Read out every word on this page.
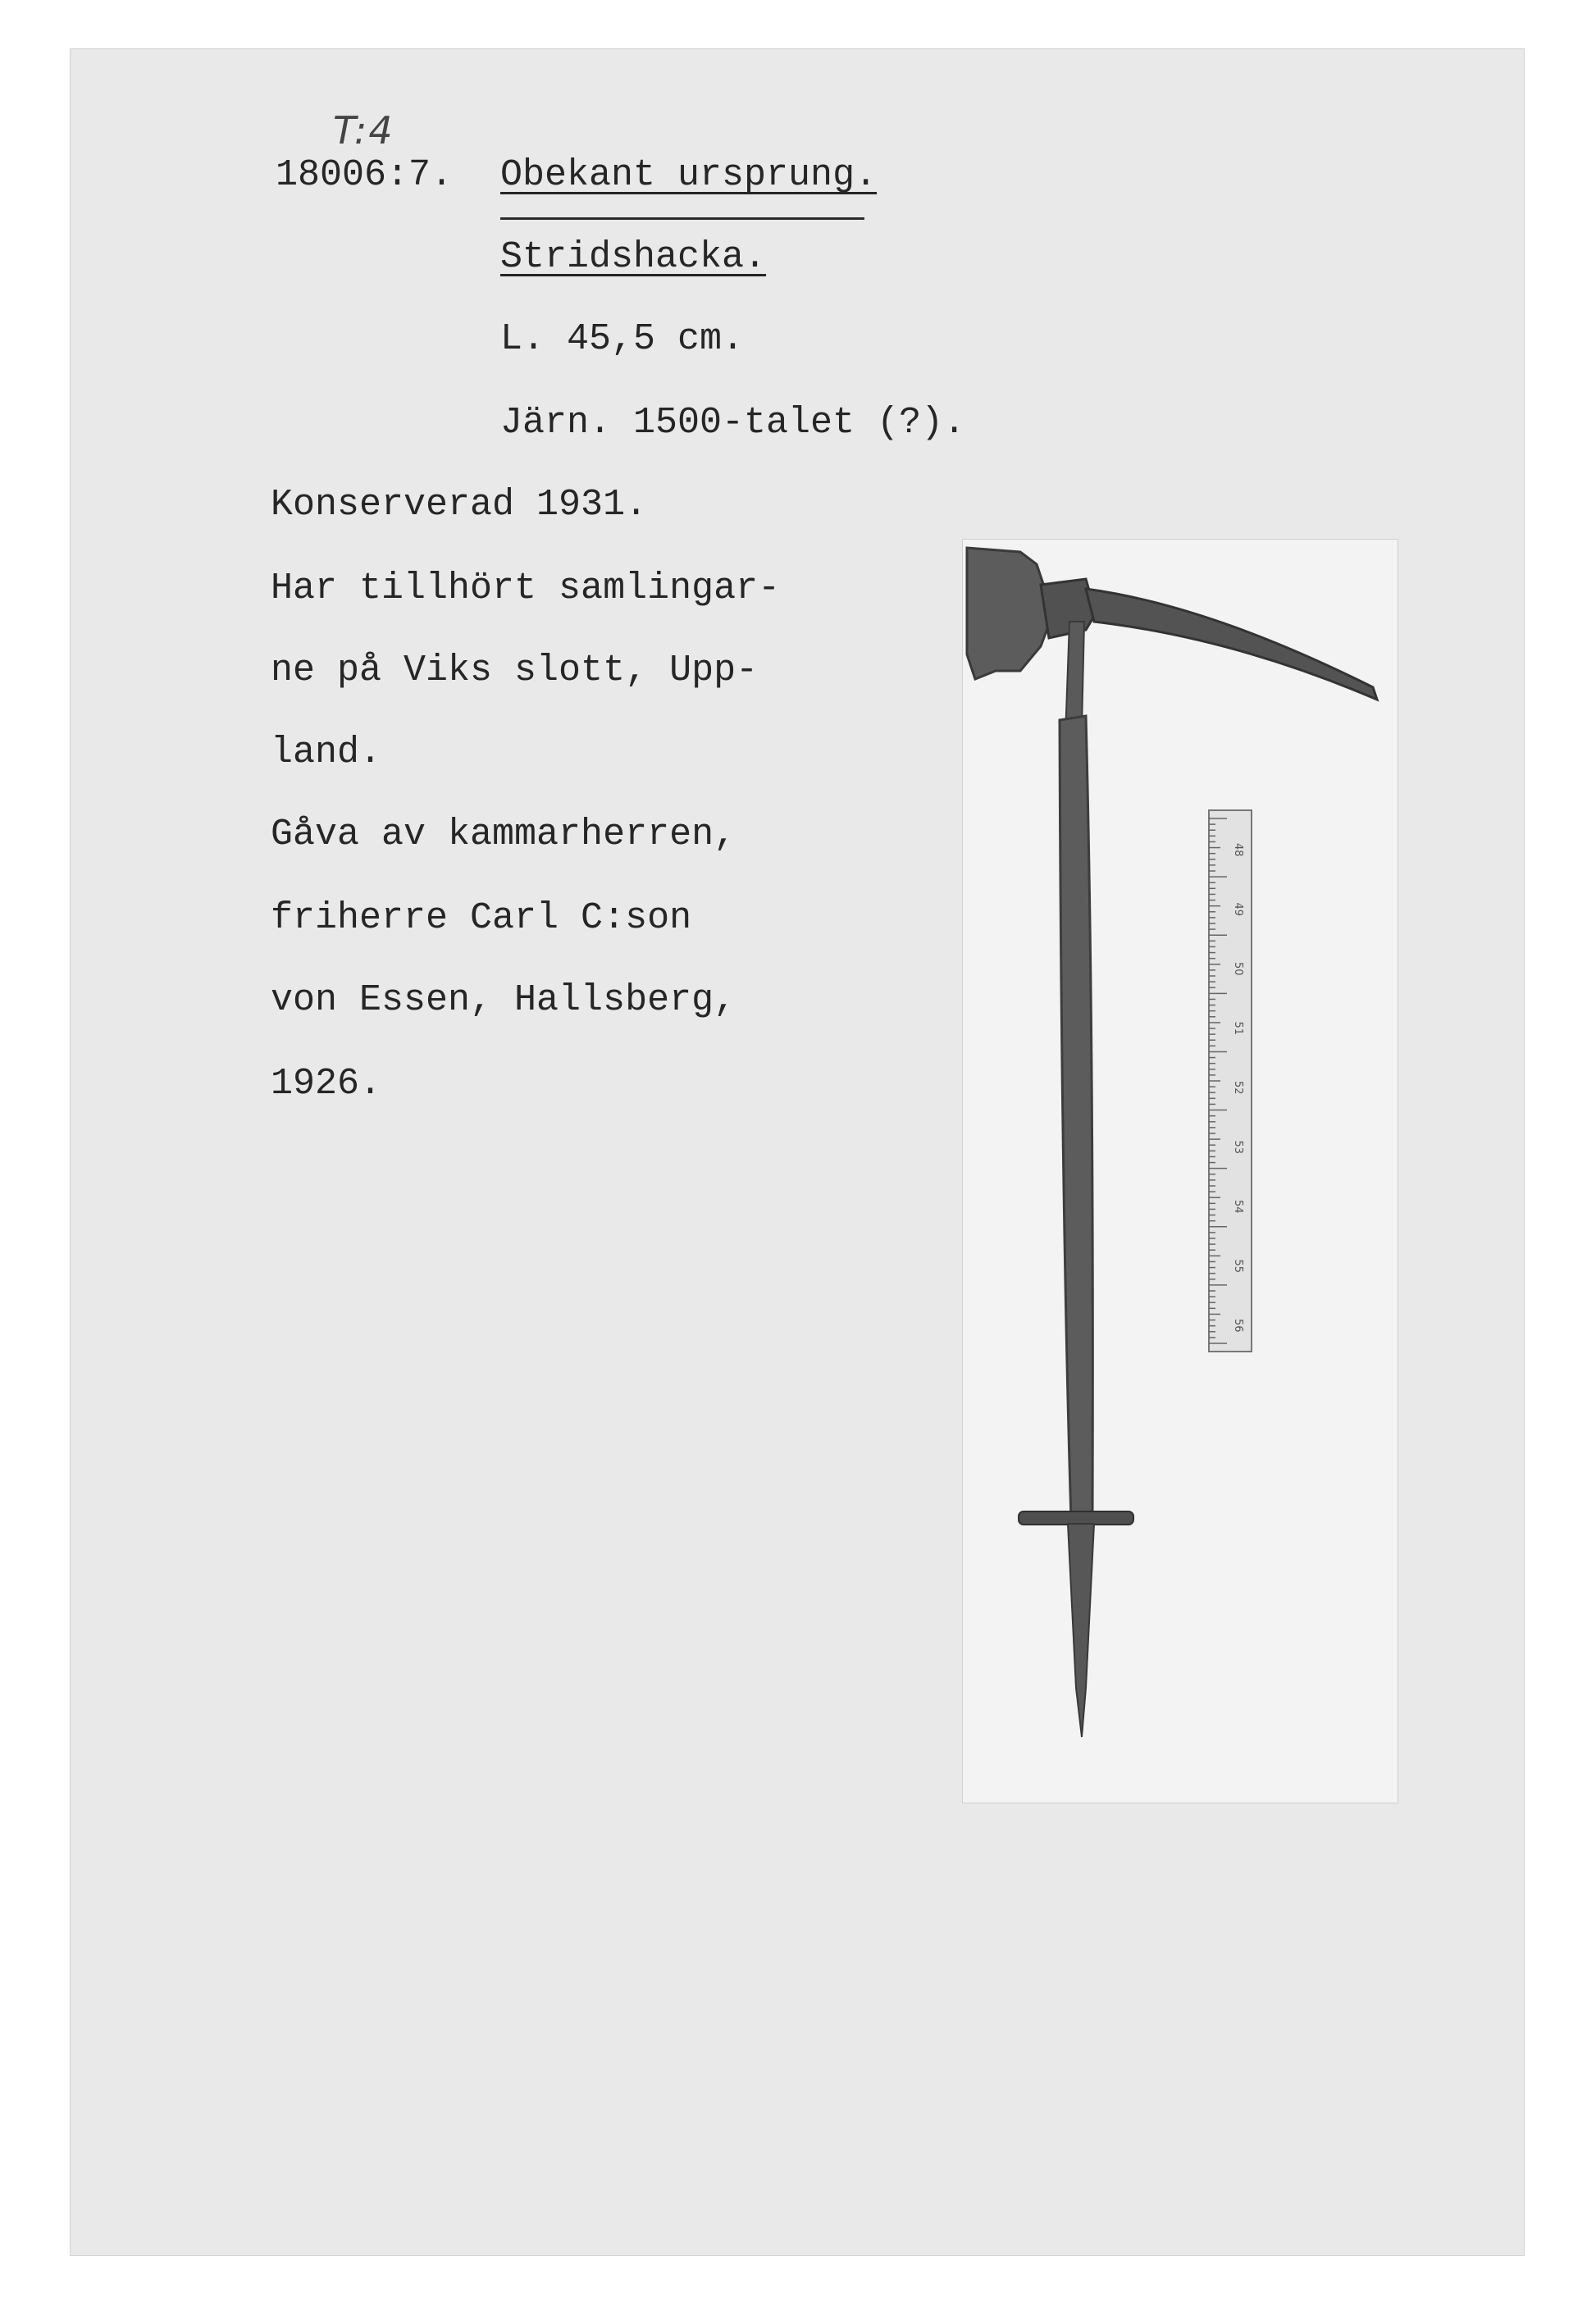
T:4
18006:7. Obekant ursprung.
Stridshacka.
L. 45,5 cm.
Järn. 1500-talet (?).
Konserverad 1931.
Har tillhört samlingar-
ne på Viks slott, Upp-
land.
Gåva av kammarherren,
friherre Carl C:son
von Essen, Hallsberg,
1926.
48
49
50
51
52
53
54
55
56
